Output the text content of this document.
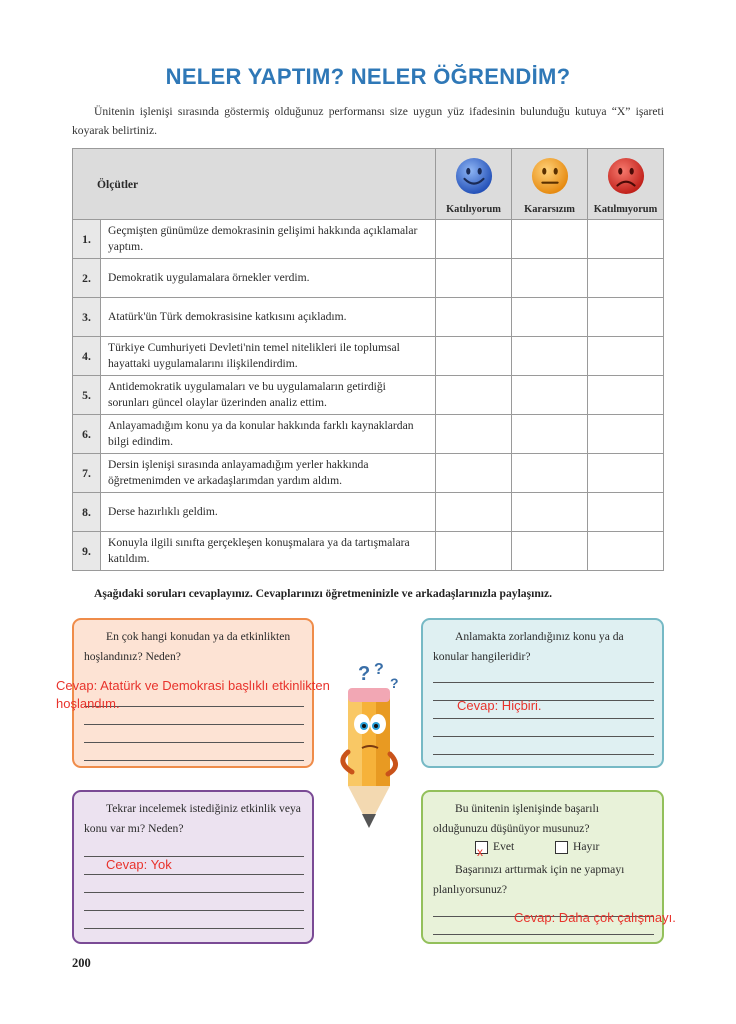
NELER YAPTIM? NELER ÖĞRENDİM?

Ünitenin işlenişi sırasında göstermiş olduğunuz performansı size uygun yüz ifadesinin bulunduğu kutuya “X” işareti koyarak belirtiniz.

Ölçütler		Katılıyorum	Kararsızım	Katılmıyorum
1.	Geçmişten günümüze demokrasinin gelişimi hakkında açıklamalar yaptım.			
2.	Demokratik uygulamalara örnekler verdim.			
3.	Atatürk'ün Türk demokrasisine katkısını açıkladım.			
4.	Türkiye Cumhuriyeti Devleti'nin temel nitelikleri ile toplumsal hayattaki uygulamalarını ilişkilendirdim.			
5.	Antidemokratik uygulamaları ve bu uygulamaların getirdiği sorunları güncel olaylar üzerinden analiz ettim.			
6.	Anlayamadığım konu ya da konular hakkında farklı kaynaklardan bilgi edindim.			
7.	Dersin işlenişi sırasında anlayamadığım yerler hakkında öğretmenimden ve arkadaşlarımdan yardım aldım.			
8.	Derse hazırlıklı geldim.			
9.	Konuyla ilgili sınıfta gerçekleşen konuşmalara ya da tartışmalara katıldım.			
Aşağıdaki soruları cevaplayınız. Cevaplarınızı öğretmeninizle ve arkadaşlarınızla paylaşınız.
En çok hangi konudan ya da etkinlikten hoşlandınız? Neden?
Anlamakta zorlandığınız konu ya da konular hangileridir?
Tekrar incelemek istediğiniz etkinlik veya konu var mı? Neden?
Bu ünitenin işlenişinde başarılı olduğunuzu düşünüyor musunuz?
Evet	Hayır
Başarınızı arttırmak için ne yapmayı planlıyorsunuz?
Cevap: Atatürk ve Demokrasi başlıklı etkinlikten
hoşlandım.	Cevap: Hiçbiri.
Cevap: Yok
x
Cevap: Daha çok çalışmayı.
? ?
?
200
